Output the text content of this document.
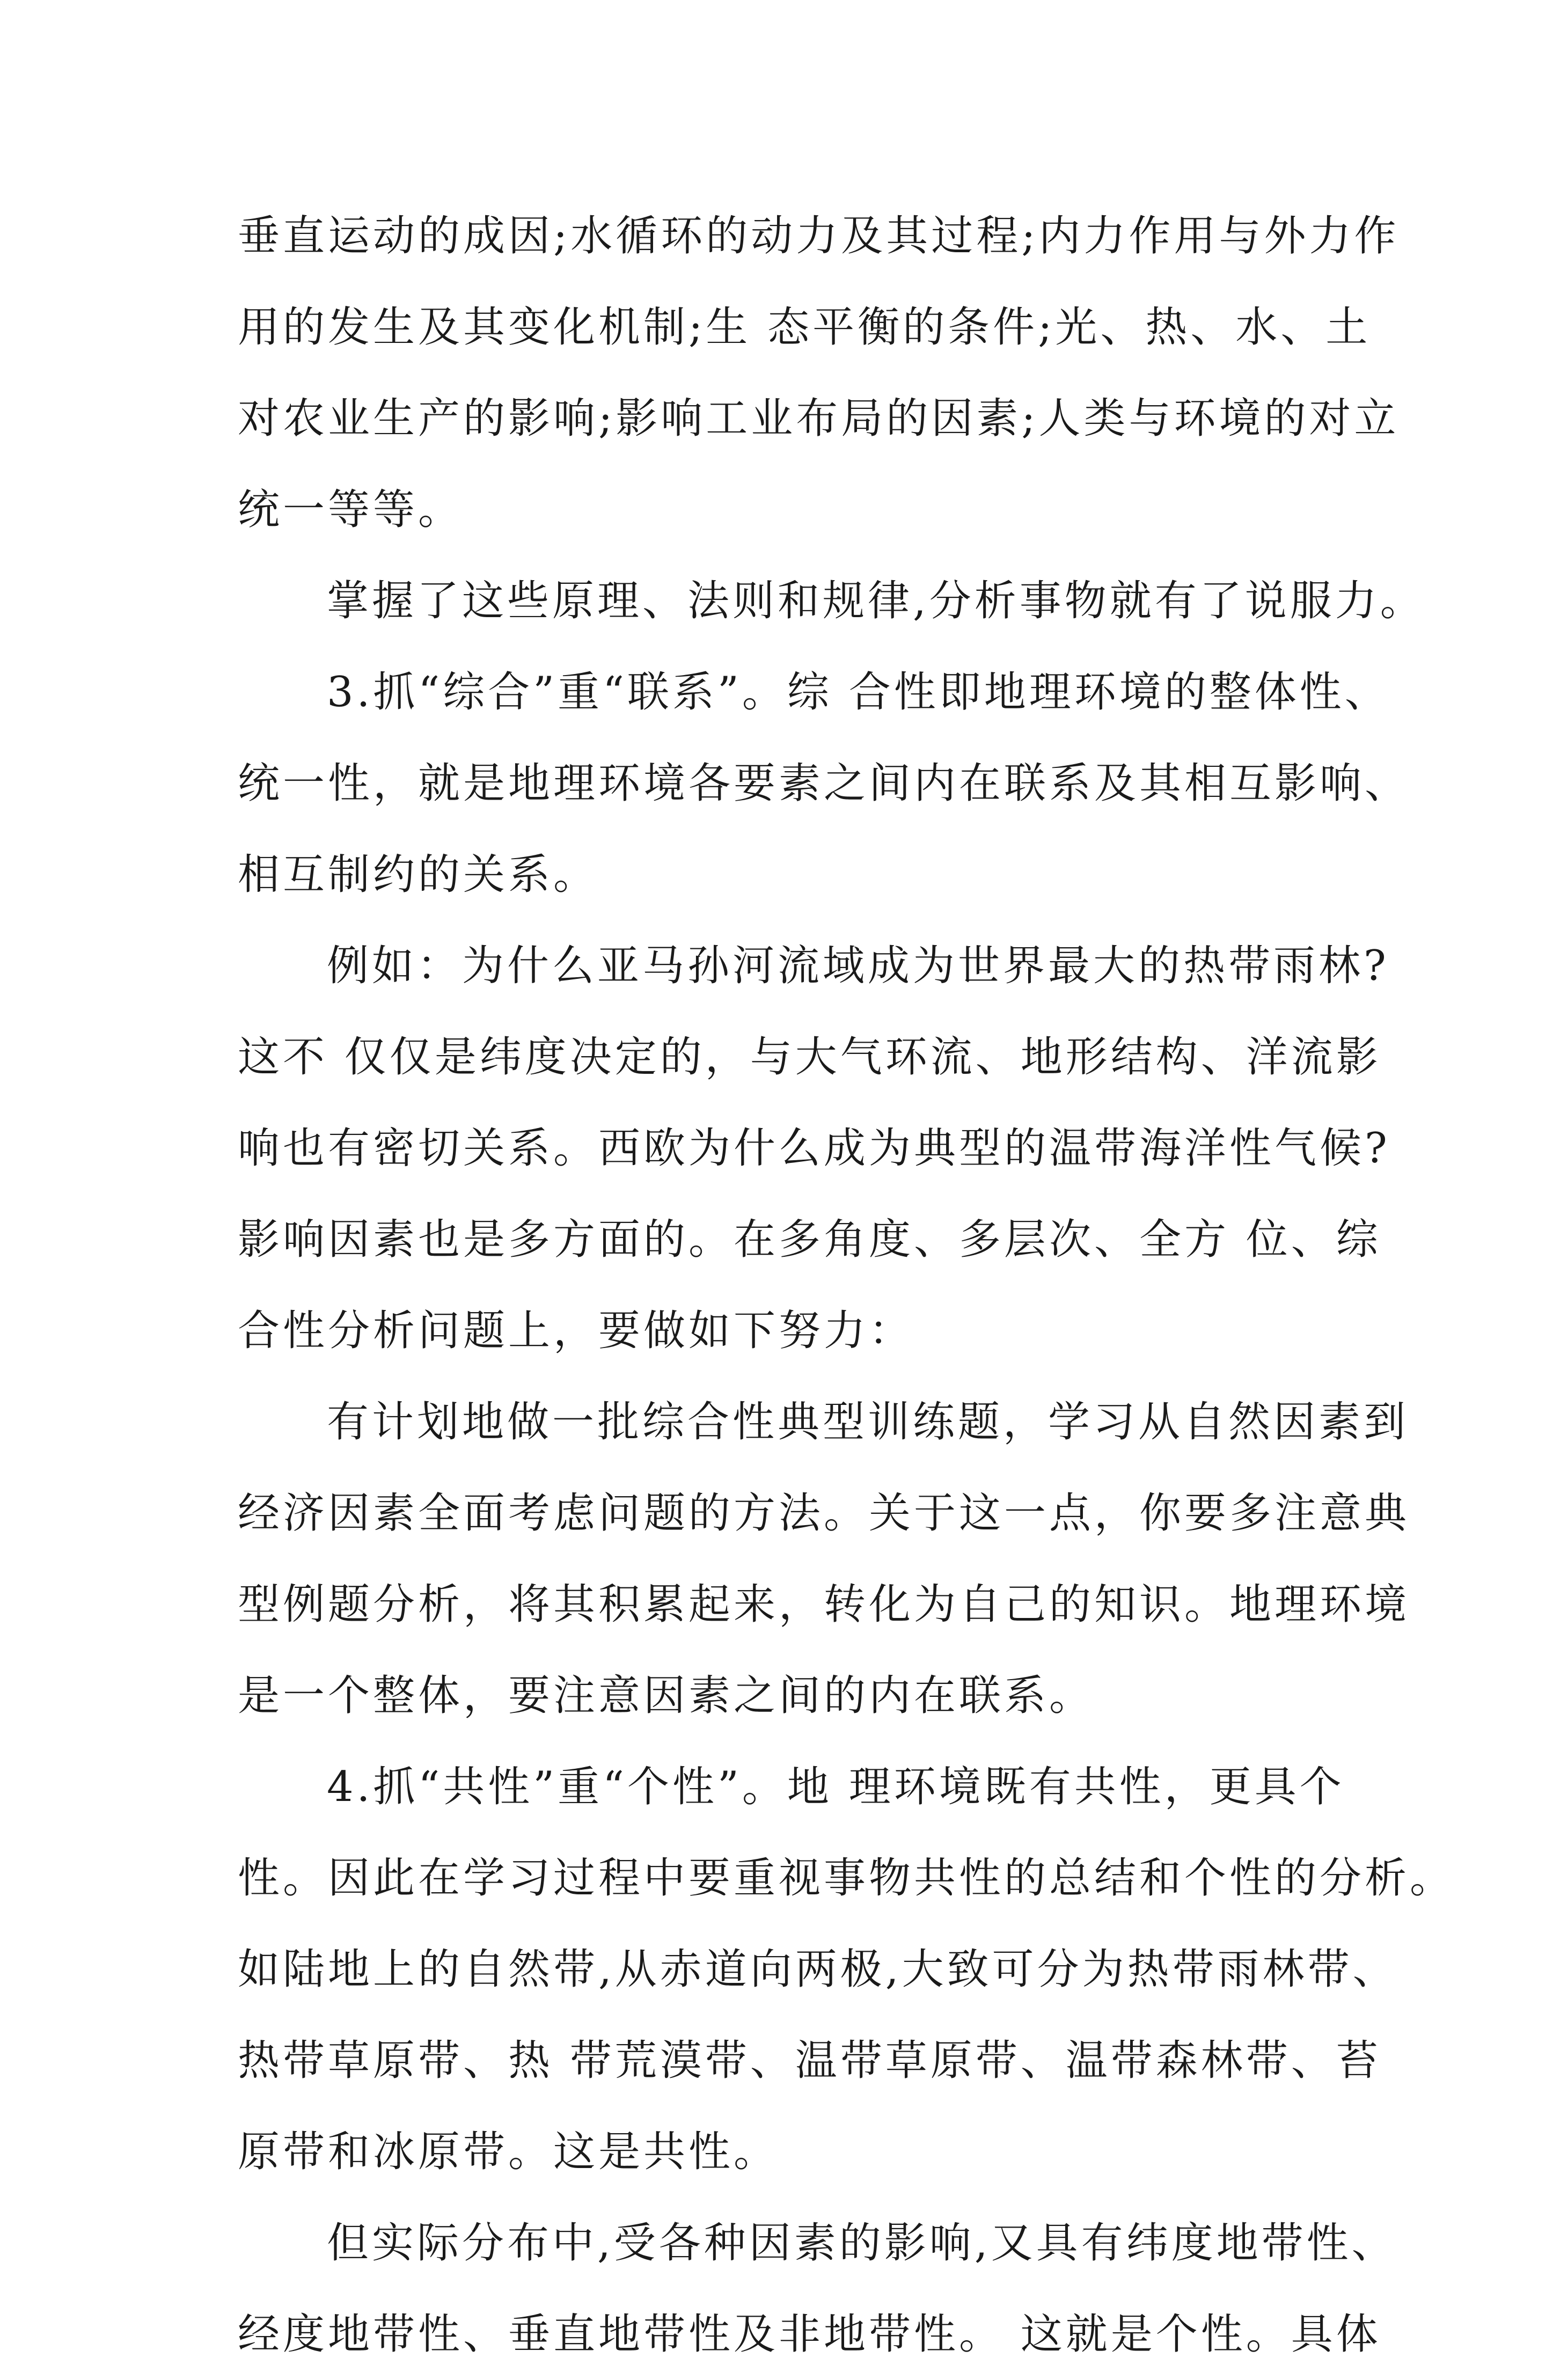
垂直运动的成因;水循环的动力及其过程;内力作用与外力作
用的发生及其变化机制;生 态平衡的条件;光、热、水、土
对农业生产的影响;影响工业布局的因素;人类与环境的对立
统一等等。
掌握了这些原理、法则和规律,分析事物就有了说服力。
3.抓“综合”重“联系”。综 合性即地理环境的整体性、
统一性，就是地理环境各要素之间内在联系及其相互影响、
相互制约的关系。
例如：为什么亚马孙河流域成为世界最大的热带雨林?
这不 仅仅是纬度决定的，与大气环流、地形结构、洋流影
响也有密切关系。西欧为什么成为典型的温带海洋性气候?
影响因素也是多方面的。在多角度、多层次、全方 位、综
合性分析问题上，要做如下努力：
有计划地做一批综合性典型训练题，学习从自然因素到
经济因素全面考虑问题的方法。关于这一点，你要多注意典
型例题分析，将其积累起来，转化为自己的知识。地理环境
是一个整体，要注意因素之间的内在联系。
4.抓“共性”重“个性”。地 理环境既有共性，更具个
性。因此在学习过程中要重视事物共性的总结和个性的分析。
如陆地上的自然带,从赤道向两极,大致可分为热带雨林带、
热带草原带、热 带荒漠带、温带草原带、温带森林带、苔
原带和冰原带。这是共性。
但实际分布中,受各种因素的影响,又具有纬度地带性、
经度地带性、垂直地带性及非地带性。 这就是个性。具体
